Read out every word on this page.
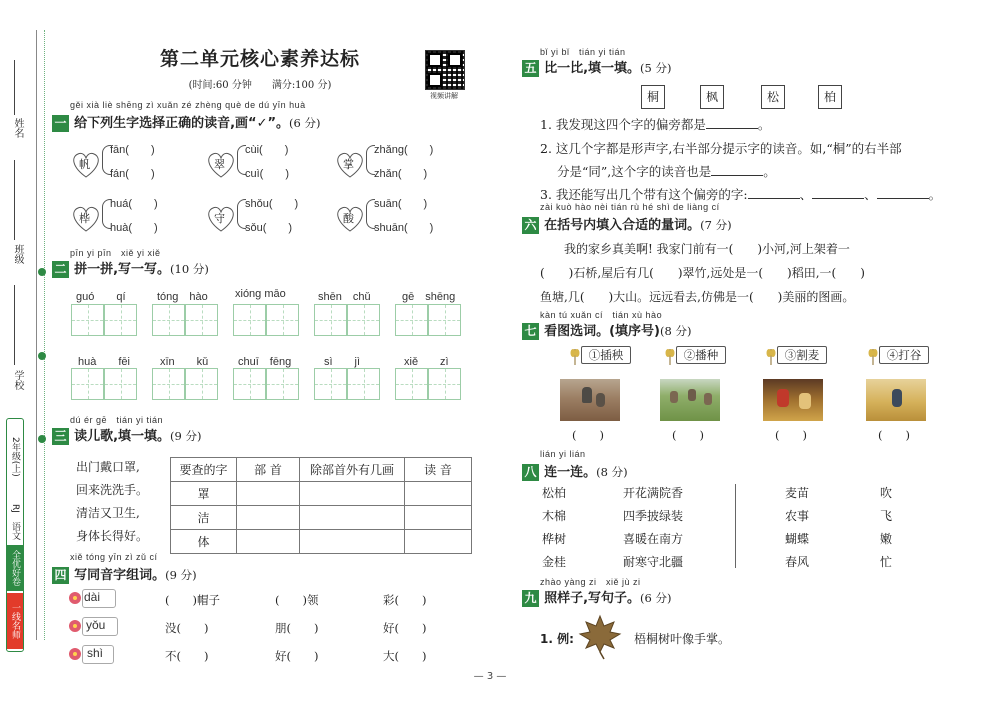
姓名
班级
学校
2年级(上)
RJ
语文
全优好卷
一线名师
第二单元核心素养达标
(时间:60 分钟　　满分:100 分)
视频讲解
gěi xià liè shēng zì xuǎn zé zhèng què de dú yīn huà
一 给下列生字选择正确的读音,画“✓”。(6 分)
帆
fān(　　)
fán(　　)
翠
cùi(　　)
cuì(　　)
掌
zhǎng(　　)
zhǎn(　　)
桦
huá(　　)
huà(　　)
守
shǒu(　　)
sǒu(　　)
酸
suān(　　)
shuān(　　)
pīn yi pīn　xiě yi xiě
二 拼一拼,写一写。(10 分)
guó　　qí	tóng　hào xióng māo	shēn　chǔ	gē　shēng
huà　　fēi	xīn　　kǔ	chuī　fēng	sì　　jì	xiě　　zì
dú ér gē　tián yi tián
三 读儿歌,填一填。(9 分)
出门戴口罩,
回来洗洗手。
清洁又卫生,
身体长得好。
要查的字	部 首	除部首外有几画	读 音
罩			
洁			
体			
xiě tóng yīn zì zǔ cí
四 写同音字组词。(9 分)
dài	(　　)帽子	(　　)领	彩(　　)
yǒu	没(　　)	朋(　　)	好(　　)
shì	不(　　)	好(　　)	大(　　)
bǐ yi bǐ　tián yi tián
五 比一比,填一填。(5 分)
桐	枫	松	柏
1. 我发现这四个字的偏旁都是	。
2. 这几个字都是形声字,右半部分提示字的读音。如,“桐”的右半部
分是“同”,这个字的读音也是	。
3. 我还能写出几个带有这个偏旁的字:	、	、	。
zài kuò hào nèi tián rù hé shì de liàng cí
六 在括号内填入合适的量词。(7 分)
　　我的家乡真美啊! 我家门前有一(　　)小河,河上架着一
(　　)石桥,屋后有几(　　)翠竹,远处是一(　　)稻田,一(　　)
鱼塘,几(　　)大山。远远看去,仿佛是一(　　)美丽的图画。
kàn tú xuǎn cí　tián xù hào
七 看图选词。(填序号)(8 分)
①插秧	②播种	③割麦	④打谷
(　　)	(　　)	(　　)	(　　)
lián yi lián
八 连一连。(8 分)
松柏
木棉
桦树
金桂
开花满院香
四季披绿装
喜暖在南方
耐寒守北疆
麦苗
农事
蝴蝶
春风
吹
飞
嫩
忙
zhào yàng zi　xiě jù zi
九 照样子,写句子。(6 分)
1. 例:	梧桐树叶像手掌。
— 3 —
